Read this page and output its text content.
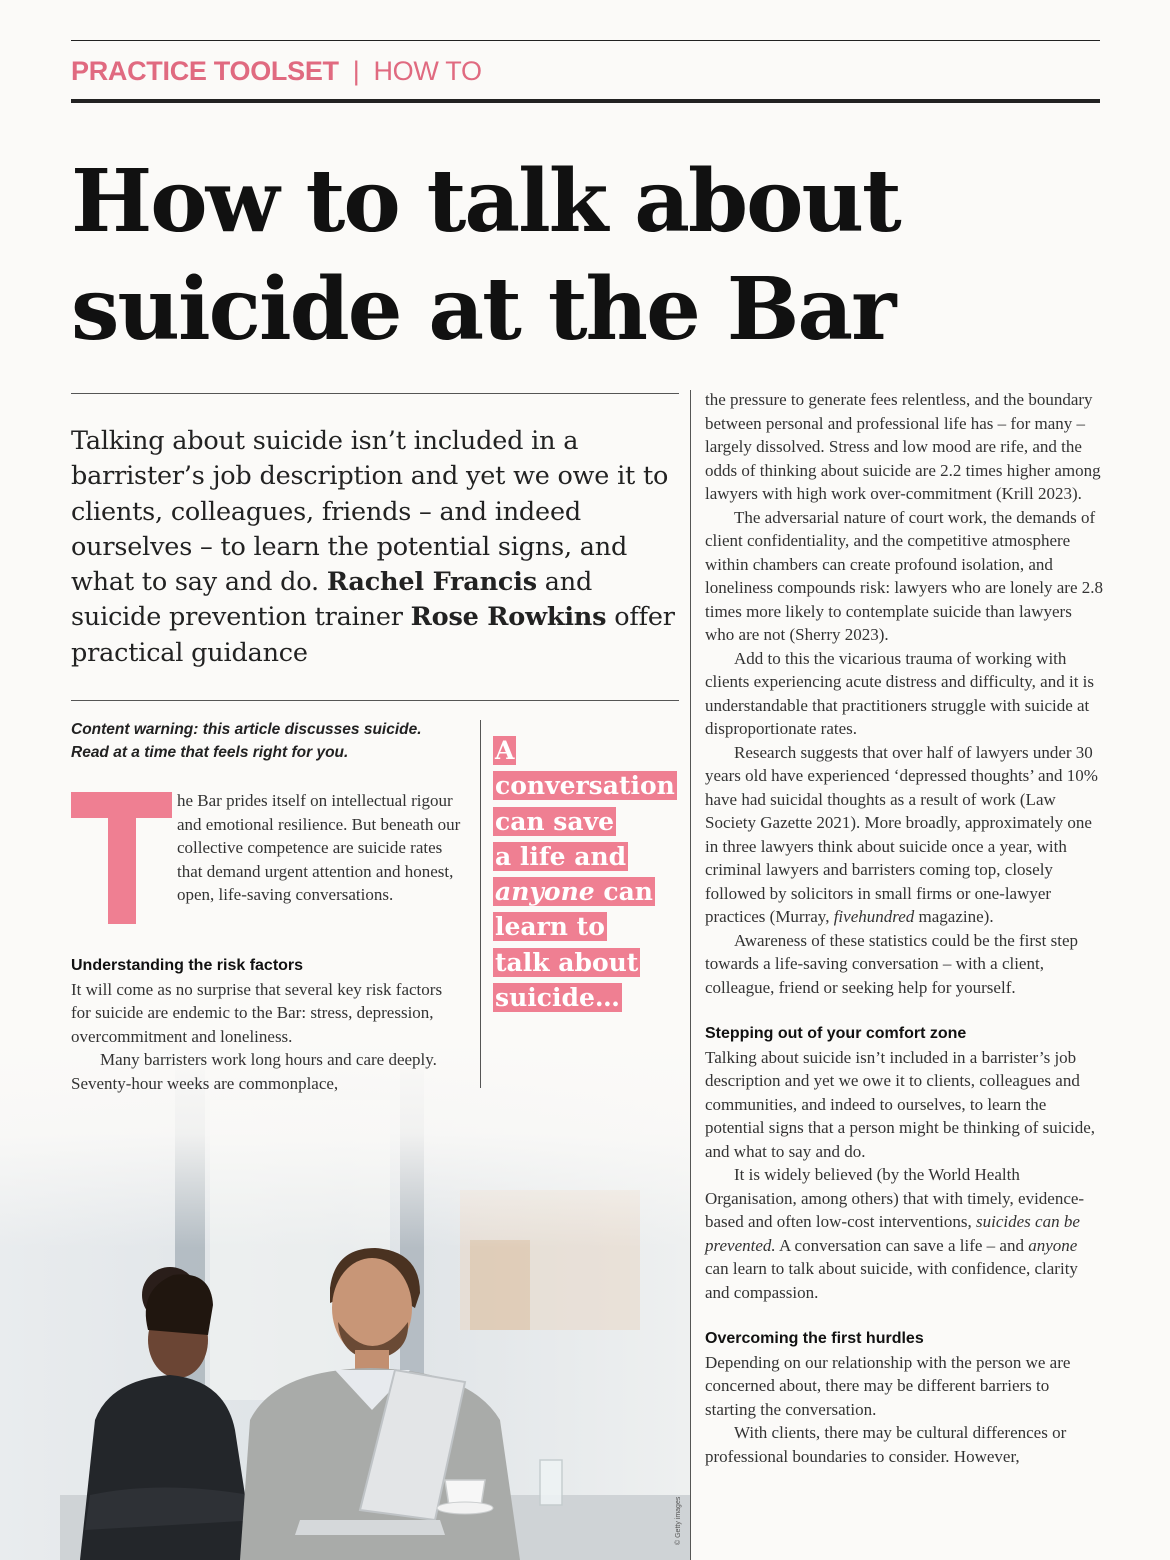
PRACTICE TOOLSET | HOW TO
How to talk about
suicide at the Bar
Talking about suicide isn’t included in a barrister’s job description and yet we owe it to clients, colleagues, friends – and indeed ourselves – to learn the potential signs, and what to say and do. Rachel Francis and suicide prevention trainer Rose Rowkins offer practical guidance
Content warning: this article discusses suicide.
Read at a time that feels right for you.

he Bar prides itself on intellectual rigour and emotional resilience. But beneath our collective competence are suicide rates that demand urgent attention and honest, open, life-saving conversations.

© Getty images
Understanding the risk factors

It will come as no surprise that several key risk factors for suicide are endemic to the Bar: stress, depression, overcommitment and loneliness.

Many barristers work long hours and care deeply. Seventy-hour weeks are commonplace,

A
conversation
can save
a life and
anyone can
learn to
talk about
suicide…

the pressure to generate fees relentless, and the boundary between personal and professional life has – for many – largely dissolved. Stress and low mood are rife, and the odds of thinking about suicide are 2.2 times higher among lawyers with high work over-commitment (Krill 2023).

The adversarial nature of court work, the demands of client confidentiality, and the competitive atmosphere within chambers can create profound isolation, and loneliness compounds risk: lawyers who are lonely are 2.8 times more likely to contemplate suicide than lawyers who are not (Sherry 2023).

Add to this the vicarious trauma of working with clients experiencing acute distress and difficulty, and it is understandable that practitioners struggle with suicide at disproportionate rates.

Research suggests that over half of lawyers under 30 years old have experienced ‘depressed thoughts’ and 10% have had suicidal thoughts as a result of work (Law Society Gazette 2021). More broadly, approximately one in three lawyers think about suicide once a year, with criminal lawyers and barristers coming top, closely followed by solicitors in small firms or one-lawyer practices (Murray, fivehundred magazine).

Awareness of these statistics could be the first step towards a life-saving conversation – with a client, colleague, friend or seeking help for yourself.

Stepping out of your comfort zone

Talking about suicide isn’t included in a barrister’s job description and yet we owe it to clients, colleagues and communities, and indeed to ourselves, to learn the potential signs that a person might be thinking of suicide, and what to say and do.

It is widely believed (by the World Health Organisation, among others) that with timely, evidence-based and often low-cost interventions, suicides can be prevented. A conversation can save a life – and anyone can learn to talk about suicide, with confidence, clarity and compassion.

Overcoming the first hurdles

Depending on our relationship with the person we are concerned about, there may be different barriers to starting the conversation.

With clients, there may be cultural differences or professional boundaries to consider. However,
